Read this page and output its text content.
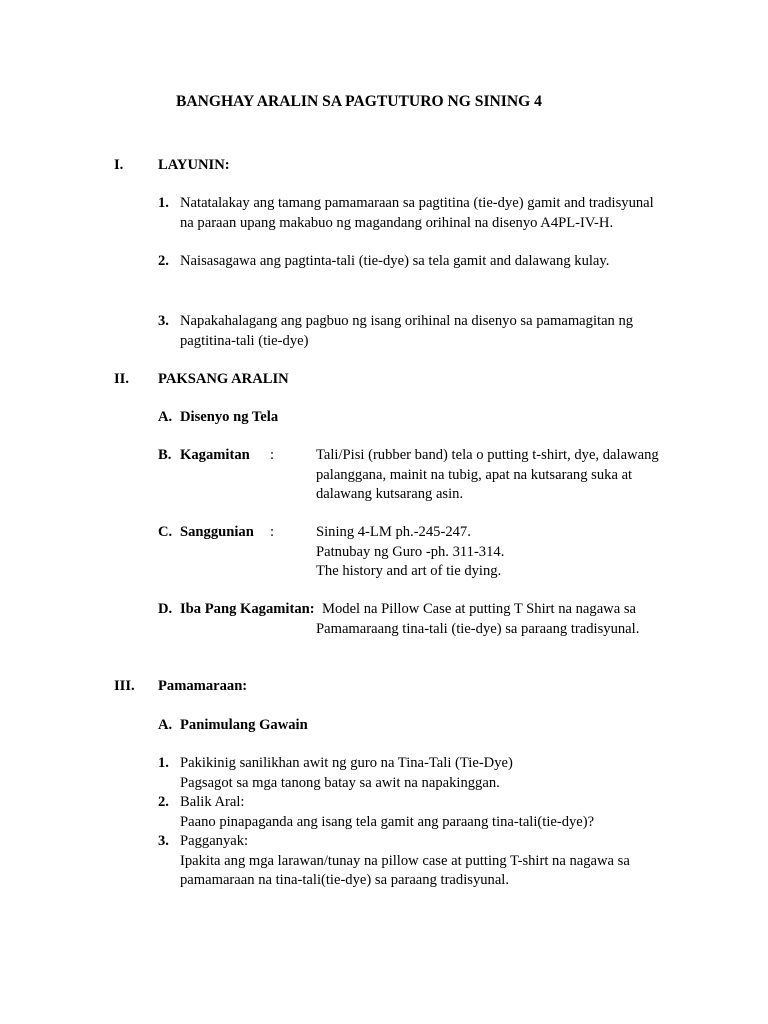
BANGHAY ARALIN SA PAGTUTURO NG SINING 4
I. LAYUNIN:
1. Natatalakay ang tamang pamamaraan sa pagtitina (tie-dye) gamit and tradisyunal
na paraan upang makabuo ng magandang orihinal na disenyo A4PL-IV-H.
2. Naisasagawa ang pagtinta-tali (tie-dye) sa tela gamit and dalawang kulay.
3. Napakahalagang ang pagbuo ng isang orihinal na disenyo sa pamamagitan ng
pagtitina-tali (tie-dye)
II. PAKSANG ARALIN
A. Disenyo ng Tela
B. Kagamitan :	Tali/Pisi (rubber band) tela o putting t-shirt, dye, dalawang
palanggana, mainit na tubig, apat na kutsarang suka at
dalawang kutsarang asin.
C. Sanggunian :	Sining 4-LM ph.-245-247.
Patnubay ng Guro -ph. 311-314.
The history and art of tie dying.
D. Iba Pang Kagamitan: Model na Pillow Case at putting T Shirt na nagawa sa
Pamamaraang tina-tali (tie-dye) sa paraang tradisyunal.
III. Pamamaraan:
A. Panimulang Gawain
1. Pakikinig sanilikhan awit ng guro na Tina-Tali (Tie-Dye)
Pagsagot sa mga tanong batay sa awit na napakinggan.
2. Balik Aral:
Paano pinapaganda ang isang tela gamit ang paraang tina-tali(tie-dye)?
3. Pagganyak:
Ipakita ang mga larawan/tunay na pillow case at putting T-shirt na nagawa sa
pamamaraan na tina-tali(tie-dye) sa paraang tradisyunal.
